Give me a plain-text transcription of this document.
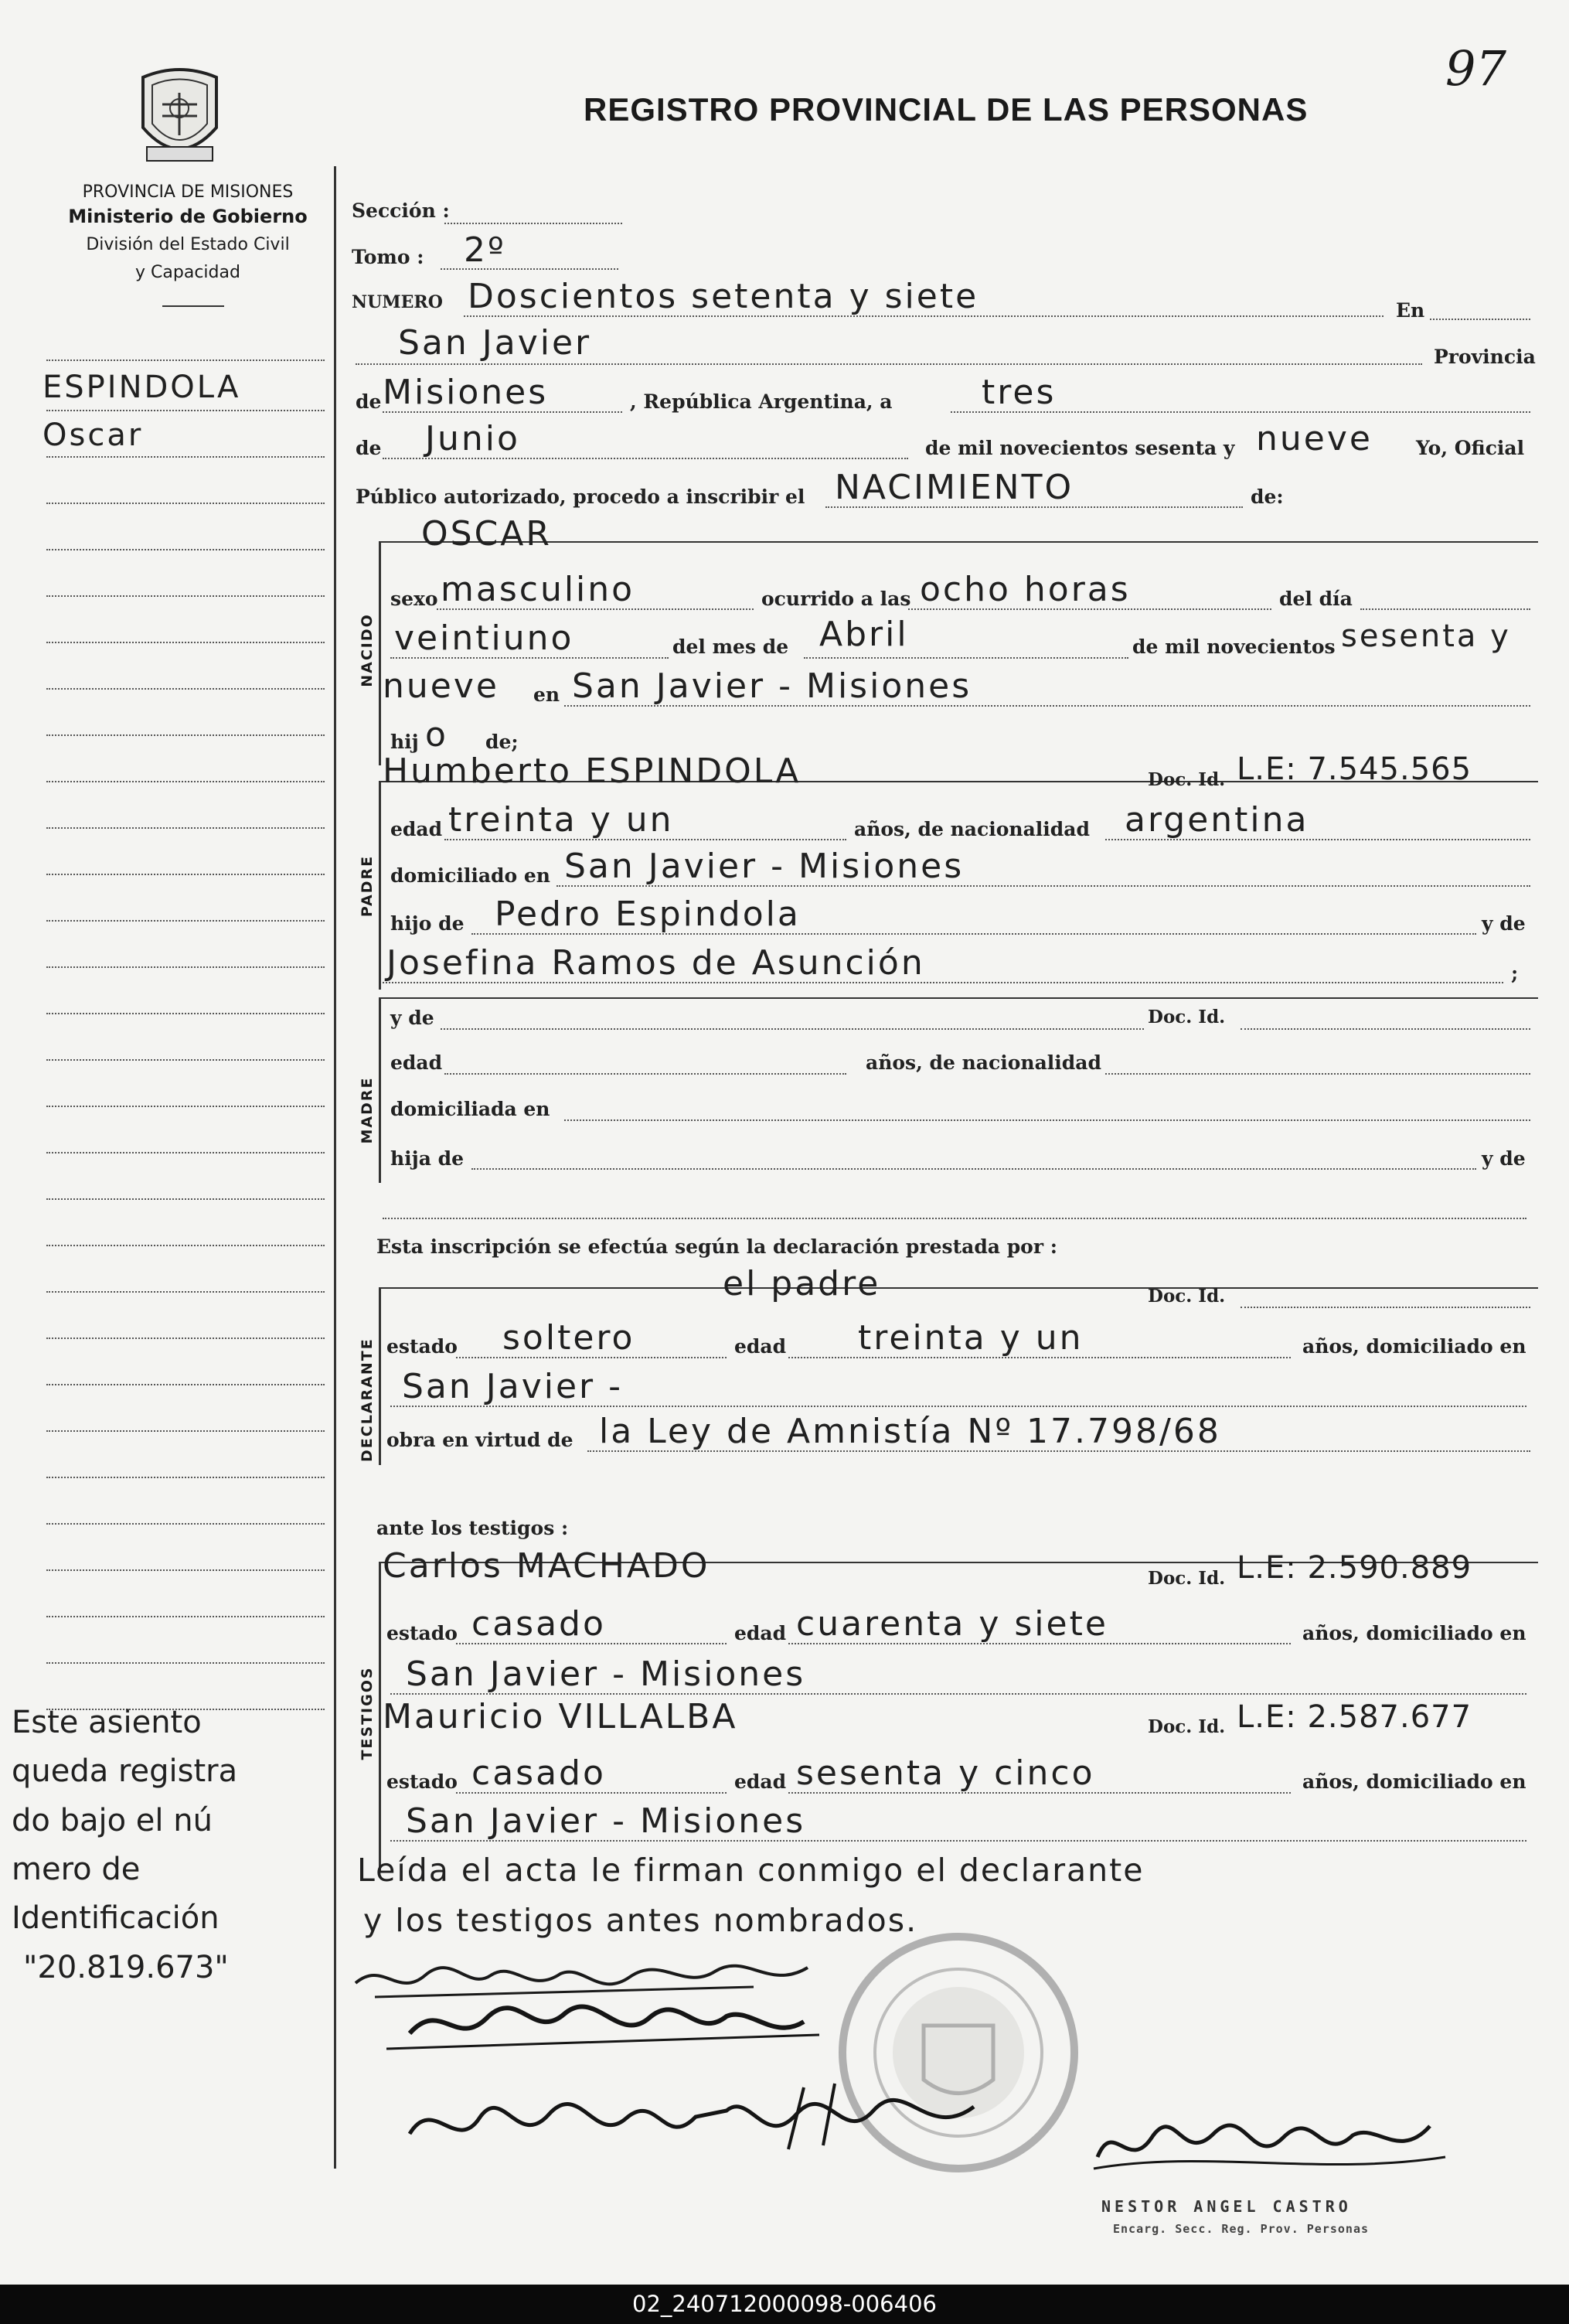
97
REGISTRO PROVINCIAL DE LAS PERSONAS
PROVINCIA DE MISIONES
Ministerio de Gobierno
División del Estado Civil
y Capacidad
ESPINDOLA
Oscar
Este asiento
queda registra
do bajo el nú
mero de
Identificación
"20.819.673"
Sección :
Tomo : 2º
NUMERO Doscientos setenta y siete	En
San Javier	Provincia
de Misiones	, República Argentina, a	tres
de Junio	de mil novecientos sesenta y nueve Yo, Oficial
Público autorizado, procedo a inscribir el NACIMIENTO	de:
NACIDO
OSCAR
sexo masculino	ocurrido a las ocho horas	del día
del mes de
veintiuno	Abril	de mil novecientos sesenta y
nueve en San Javier - Misiones
hij o de;
PADRE
Humberto ESPINDOLA	Doc. Id. L.E: 7.545.565
edad treinta y un	años, de nacionalidad argentina
domiciliado en San Javier - Misiones
hijo de Pedro Espindola	y de
Josefina Ramos de Asunción	;
MADRE
y de	Doc. Id.
edad	años, de nacionalidad
domiciliada en
hija de	y de
Esta inscripción se efectúa según la declaración prestada por :
DECLARANTE
el padre	Doc. Id.
estado soltero	edad treinta y un	años, domiciliado en
San Javier -
obra en virtud de la Ley de Amnistía Nº 17.798/68
ante los testigos :
TESTIGOS
Carlos MACHADO	Doc. Id. L.E: 2.590.889
estado casado	edad cuarenta y siete	años, domiciliado en
San Javier - Misiones
Mauricio VILLALBA	Doc. Id. L.E: 2.587.677
estado casado	edad sesenta y cinco	años, domiciliado en
San Javier - Misiones
Leída el acta le firman conmigo el declarante
y los testigos antes nombrados.
NESTOR ANGEL CASTRO
Encarg. Secc. Reg. Prov. Personas
02_240712000098-006406
